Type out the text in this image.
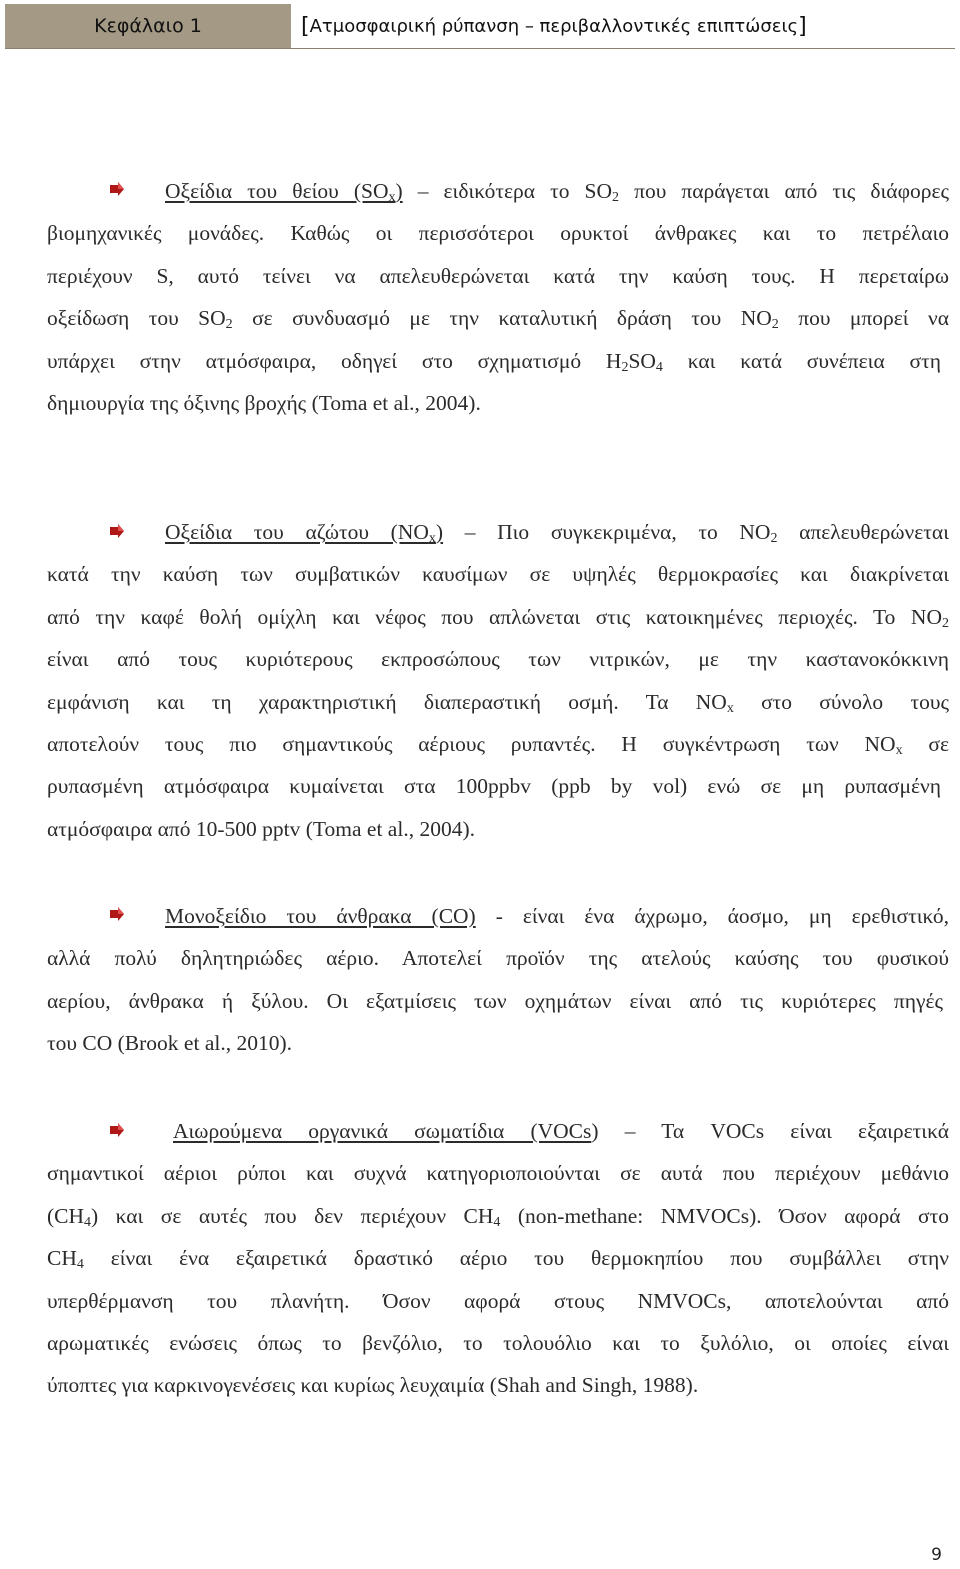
Κεφάλαιο 1	[ Ατμοσφαιρική ρύπανση – περιβαλλοντικές επιπτώσεις ]
Οξείδια του θείου $(SO_x)$ – ειδικότερα το $SO_2$ που παράγεται από τις διάφορες
βιομηχανικές μονάδες. Καθώς οι περισσότεροι ορυκτοί άνθρακες και το πετρέλαιο
περιέχουν S, αυτό τείνει να απελευθερώνεται κατά την καύση τους. Η περεταίρω
οξείδωση του $SO_2$ σε συνδυασμό με την καταλυτική δράση του $NO_2$ που μπορεί να
υπάρχει στην ατμόσφαιρα, οδηγεί στο σχηματισμό $H_2SO_4$ και κατά συνέπεια στη
δημιουργία της όξινης βροχής (Toma et al., 2004).
Οξείδια του αζώτου $(NO_x)$ – Πιο συγκεκριμένα, το $NO_2$ απελευθερώνεται
κατά την καύση των συμβατικών καυσίμων σε υψηλές θερμοκρασίες και διακρίνεται
από την καφέ θολή ομίχλη και νέφος που απλώνεται στις κατοικημένες περιοχές. Το $NO_2$
είναι από τους κυριότερους εκπροσώπους των νιτρικών, με την καστανοκόκκινη
εμφάνιση και τη χαρακτηριστική διαπεραστική οσμή. Τα $NO_x$ στο σύνολο τους
αποτελούν τους πιο σημαντικούς αέριους ρυπαντές. Η συγκέντρωση των $NO_x$ σε
ρυπασμένη ατμόσφαιρα κυμαίνεται στα 100ppbv (ppb by vol) ενώ σε μη ρυπασμένη
ατμόσφαιρα από 10-500 pptv (Toma et al., 2004).
Μονοξείδιο του άνθρακα (CO) - είναι ένα άχρωμο, άοσμο, μη ερεθιστικό,
αλλά πολύ δηλητηριώδες αέριο. Αποτελεί προϊόν της ατελούς καύσης του φυσικού
αερίου, άνθρακα ή ξύλου. Οι εξατμίσεις των οχημάτων είναι από τις κυριότερες πηγές
του CO (Brook et al., 2010).
Αιωρούμενα οργανικά σωματίδια (VOCs) – Τα VOCs είναι εξαιρετικά
σημαντικοί αέριοι ρύποι και συχνά κατηγοριοποιούνται σε αυτά που περιέχουν μεθάνιο
$(CH_4)$ και σε αυτές που δεν περιέχουν $CH_4$ (non-methane: NMVOCs). Όσον αφορά στο
$CH_4$ είναι ένα εξαιρετικά δραστικό αέριο του θερμοκηπίου που συμβάλλει στην
υπερθέρμανση του πλανήτη. Όσον αφορά στους NMVOCs, αποτελούνται από
αρωματικές ενώσεις όπως το βενζόλιο, το τολουόλιο και το ξυλόλιο, οι οποίες είναι
ύποπτες για καρκινογενέσεις και κυρίως λευχαιμία (Shah and Singh, 1988).
9
